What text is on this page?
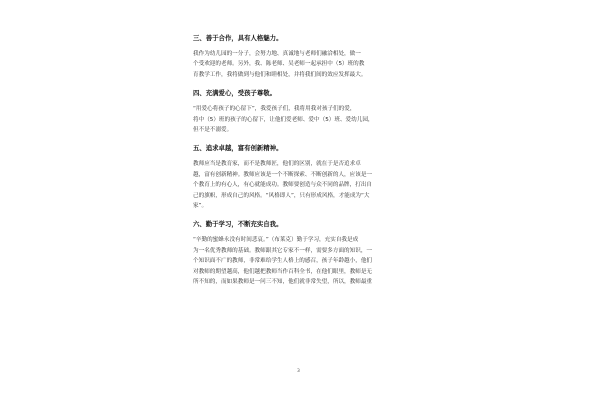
三、善于合作，具有人格魅力。
我作为幼儿园的一分子，会努力地、真诚地与老师们融洽相处，做一
个受欢迎的老师。另外，我、陈老师、吴老师一起承担中（5）班的教
育教学工作，我将做到与他们和睦相处，并将我们间的效应发挥最大。
四、充满爱心，受孩子尊敬。
“用爱心将孩子的心留下”，我爱孩子们，我将用我对孩子们的爱，
将中（5）班的孩子的心留下，让他们爱老师、爱中（5）班、爱幼儿园，
但不是不溺爱。
五、追求卓越，富有创新精神。
教师应当是教育家，而不是教师匠，他们的区别，就在于是否追求卓
越，富有创新精神。教师应该是一个不断探索、不断创新的人，应该是一
个教育上的有心人，有心就能成功。教师要创造与众不同的品牌，打出自
己的旗帜，形成自己的风格。“风格即人”，只有形成风格，才能成为“大
家”。
六、勤于学习，不断充实自我。
“辛勤的蜜蜂永没有时间悲哀。”（布莱克）勤于学习，充实自我是成
为一名优秀教师的基础。教师跟其它专家不一样，需要多方面的知识，一
个知识面不广的教师，非常难给学生人格上的感召，孩子年龄越小，他们
对教师的期望越高，他们越把教师当作百科全书，在他们眼里，教师是无
所不知的，而如果教师是一问三不知，他们就非常失望，所以，教师最重
3
